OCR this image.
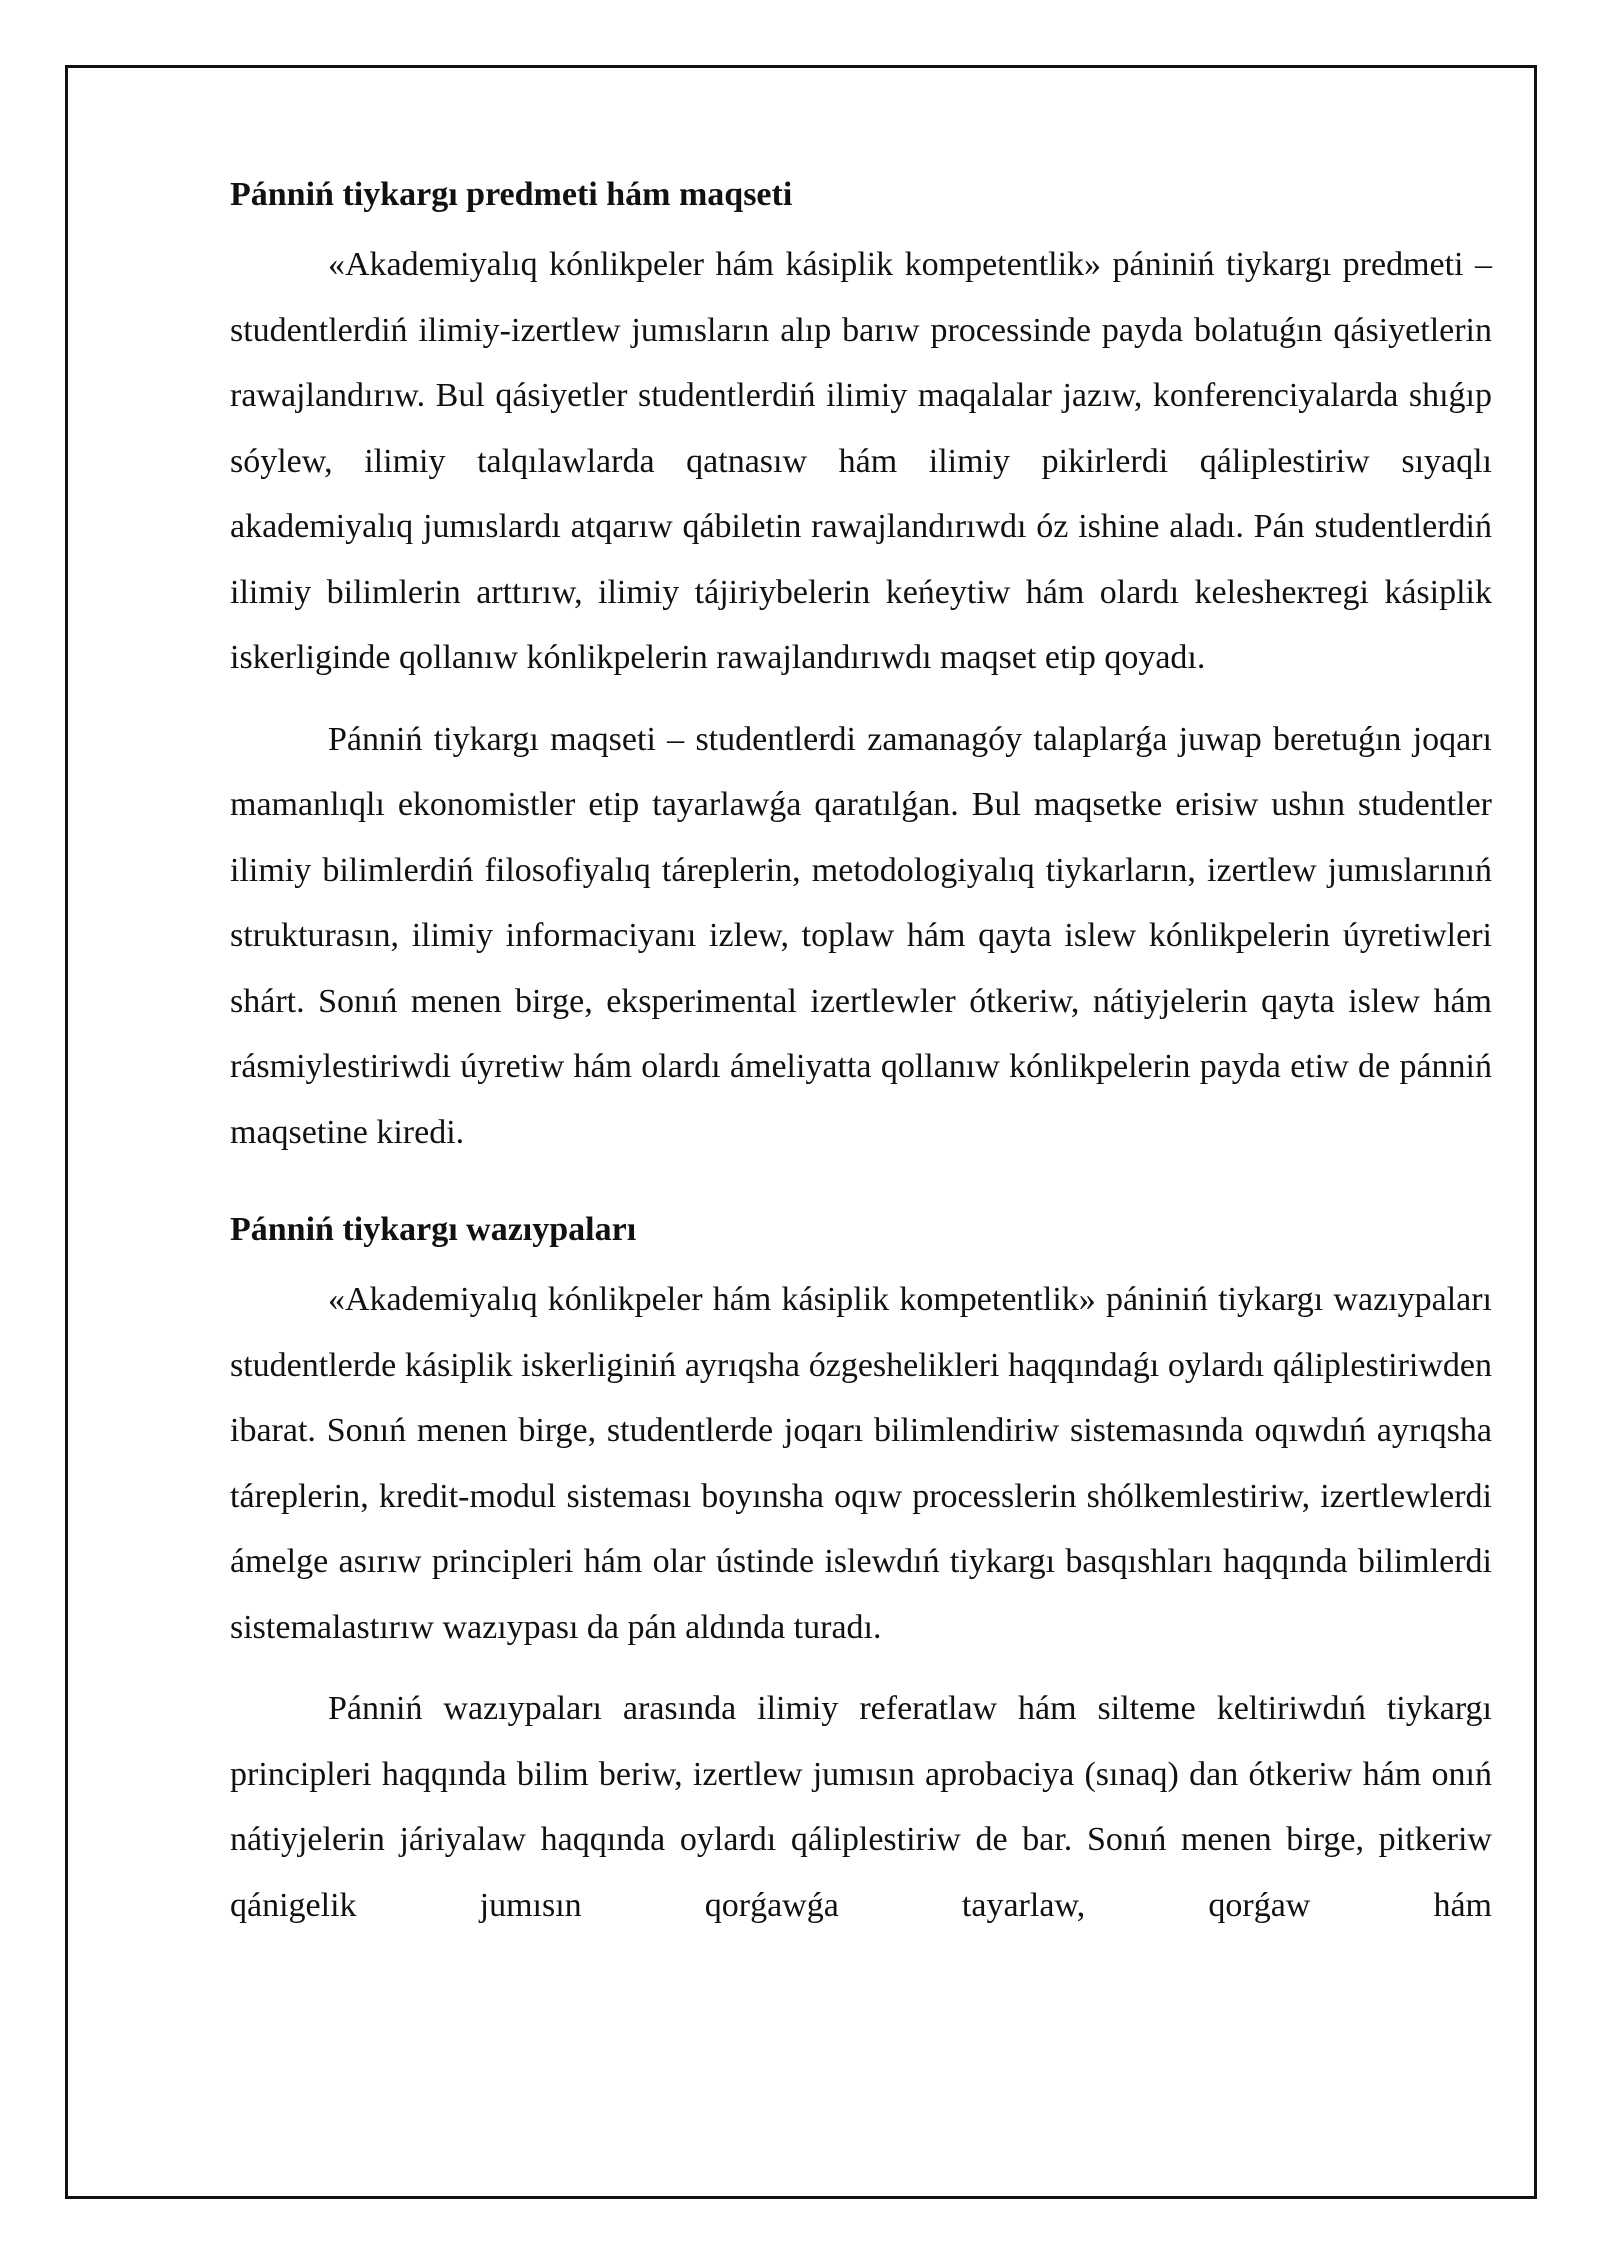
Pánniń tiykargı predmeti hám maqseti

«Akademiyalıq kónlikpeler hám kásiplik kompetentlik» pániniń tiykargı predmeti – studentlerdiń ilimiy-izertlew jumısların alıp barıw processinde payda bolatuǵın qásiyetlerin rawajlandırıw. Bul qásiyetler studentlerdiń ilimiy maqalalar jazıw, konferenciyalarda shıǵıp sóylew, ilimiy talqılawlarda qatnasıw hám ilimiy pikirlerdi qáliplestiriw sıyaqlı akademiyalıq jumıslardı atqarıw qábiletin rawajlandırıwdı óz ishine aladı. Pán studentlerdiń ilimiy bilimlerin arttırıw, ilimiy tájiriybelerin keńeytiw hám olardı kelesheктegi kásiplik iskerliginde qollanıw kónlikpelerin rawajlandırıwdı maqset etip qoyadı.

Pánniń tiykargı maqseti – studentlerdi zamanagóy talaplarǵa juwap beretuǵın joqarı mamanlıqlı ekonomistler etip tayarlawǵa qaratılǵan. Bul maqsetke erisiw ushın studentler ilimiy bilimlerdiń filosofiyalıq táreplerin, metodologiyalıq tiykarların, izertlew jumıslarınıń strukturasın, ilimiy informaciyanı izlew, toplaw hám qayta islew kónlikpelerin úyretiwleri shárt. Sonıń menen birge, eksperimental izertlewler ótkeriw, nátiyjelerin qayta islew hám rásmiylestiriwdi úyretiw hám olardı ámeliyatta qollanıw kónlikpelerin payda etiw de pánniń maqsetine kiredi.

Pánniń tiykargı wazıypaları

«Akademiyalıq kónlikpeler hám kásiplik kompetentlik» pániniń tiykargı wazıypaları studentlerde kásiplik iskerliginiń ayrıqsha ózgeshelikleri haqqındaǵı oylardı qáliplestiriwden ibarat. Sonıń menen birge, studentlerde joqarı bilimlendiriw sistemasında oqıwdıń ayrıqsha táreplerin, kredit-modul sisteması boyınsha oqıw processlerin shólkemlestiriw, izertlewlerdi ámelge asırıw principleri hám olar ústinde islewdıń tiykargı basqıshları haqqında bilimlerdi sistemalastırıw wazıypası da pán aldında turadı.

Pánniń wazıypaları arasında ilimiy referatlaw hám silteme keltiriwdıń tiykargı principleri haqqında bilim beriw, izertlew jumısın aprobaciya (sınaq) dan ótkeriw hám onıń nátiyjelerin járiyalaw haqqında oylardı qáliplestiriw de bar. Sonıń menen birge, pitkeriw qánigelik jumısın qorǵawǵa tayarlaw, qorǵaw hám
